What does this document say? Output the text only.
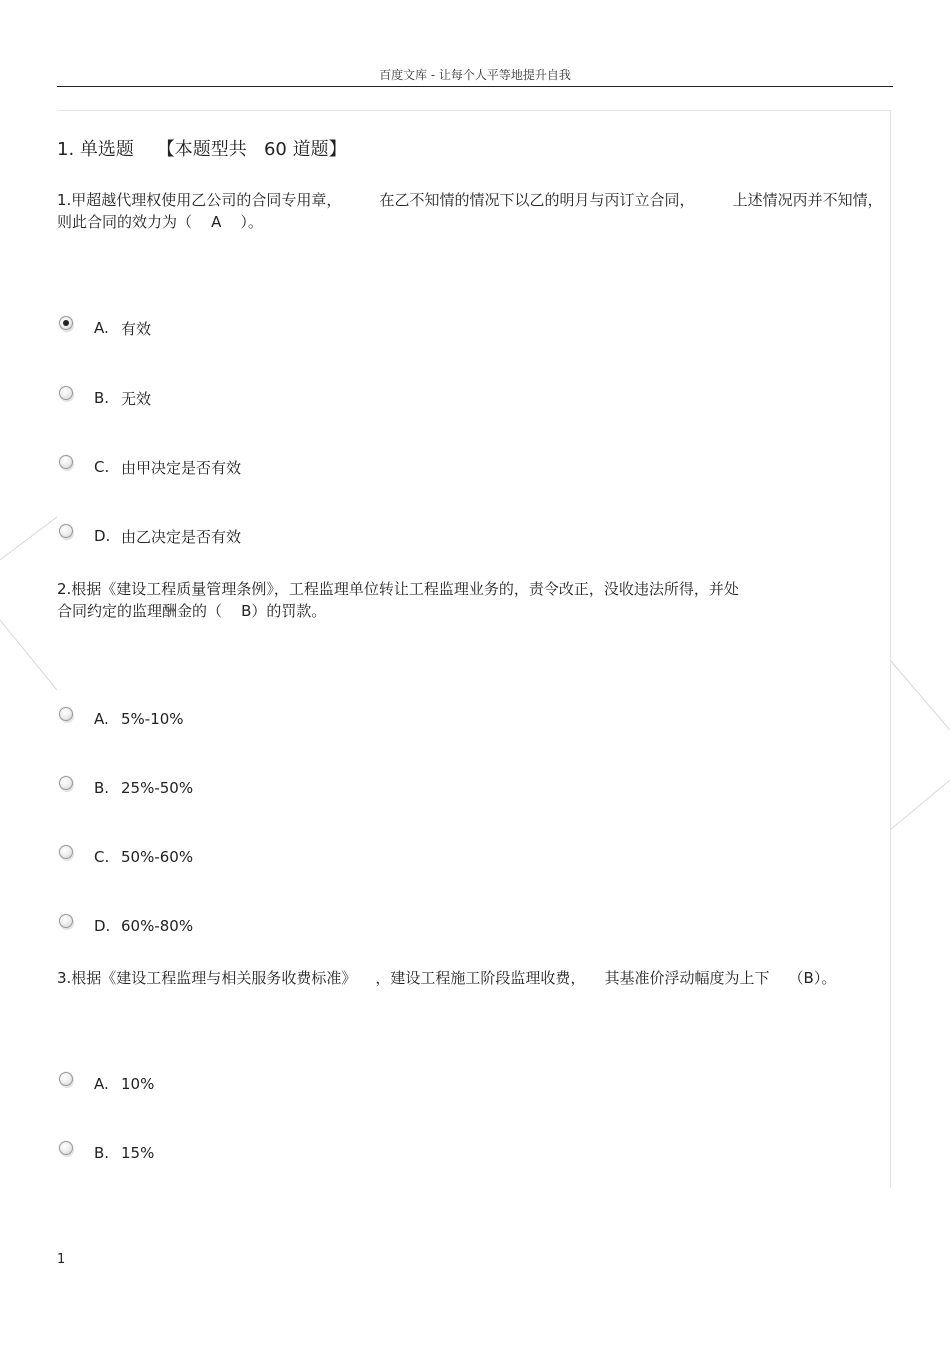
百度文库 - 让每个人平等地提升自我
1. 单选题    【本题型共   60 道题】
1.甲超越代理权使用乙公司的合同专用章，        在乙不知情的情况下以乙的明月与丙订立合同，        上述情况丙并不知情，则此合同的效力为（    A    ）。
A. 有效
B. 无效
C. 由甲决定是否有效
D. 由乙决定是否有效
2.根据《建设工程质量管理条例》，工程监理单位转让工程监理业务的，责令改正，没收违法所得，并处
合同约定的监理酬金的（    B）的罚款。
A. 5%-10%
B. 25%-50%
C. 50%-60%
D. 60%-80%
3.根据《建设工程监理与相关服务收费标准》    ，建设工程施工阶段监理收费，    其基准价浮动幅度为上下    （B）。
A. 10%
B. 15%
1
